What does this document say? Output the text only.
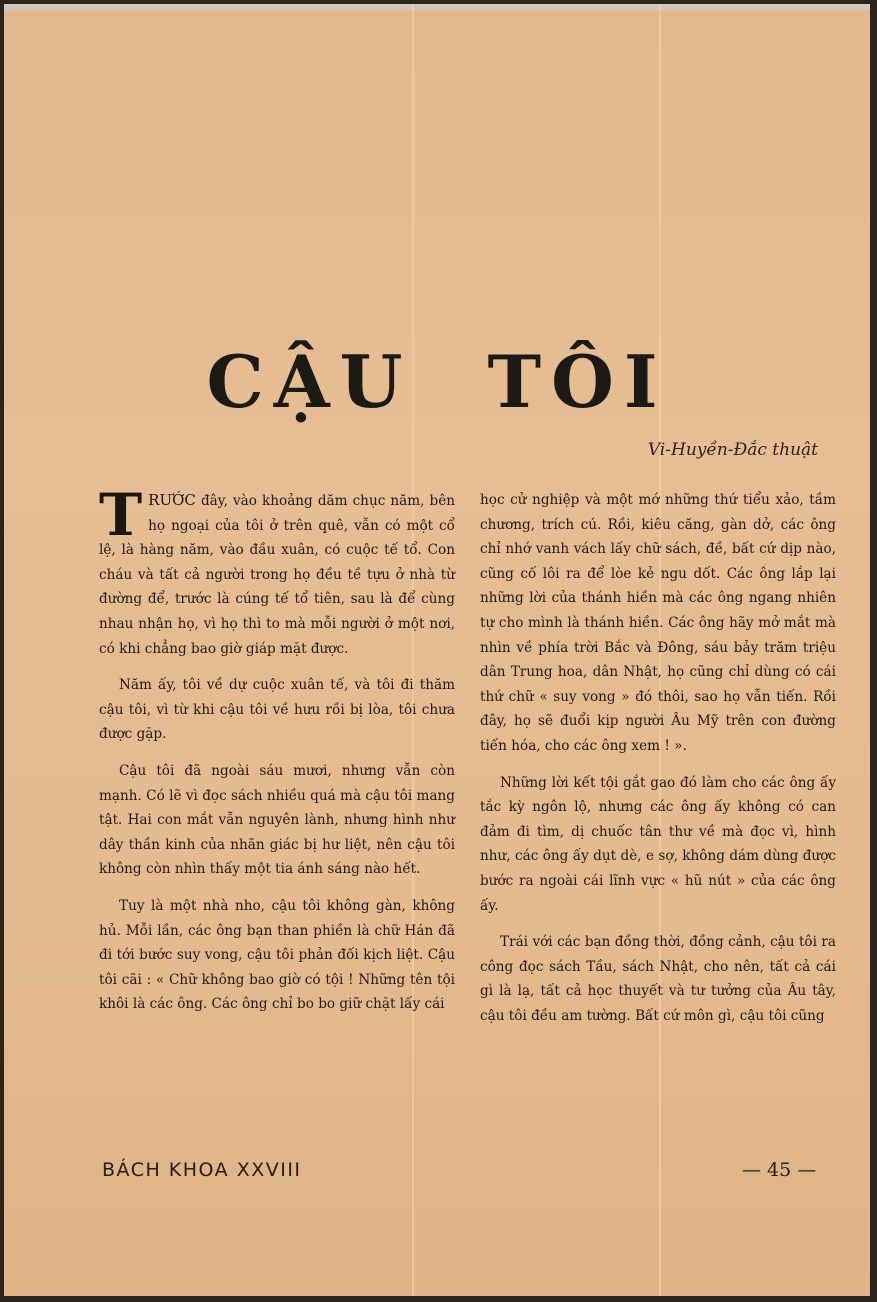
CẬU TÔI
Vi-Huyền-Đắc thuật

TRƯỚC đây, vào khoảng dăm chục năm, bên họ ngoại của tôi ở trên quê, vẫn có một cổ lệ, là hàng năm, vào đầu xuân, có cuộc tế tổ. Con cháu và tất cả người trong họ đều tề tựu ở nhà từ đường để, trước là cúng tế tổ tiên, sau là để cùng nhau nhận họ, vì họ thì to mà mỗi người ở một nơi, có khi chẳng bao giờ giáp mặt được.

Năm ấy, tôi về dự cuộc xuân tế, và tôi đi thăm cậu tôi, vì từ khi cậu tôi về hưu rồi bị lòa, tôi chưa được gặp.

Cậu tôi đã ngoài sáu mươi, nhưng vẫn còn mạnh. Có lẽ vì đọc sách nhiều quá mà cậu tôi mang tật. Hai con mắt vẫn nguyên lành, nhưng hình như dây thần kinh của nhãn giác bị hư liệt, nên cậu tôi không còn nhìn thấy một tia ánh sáng nào hết.

Tuy là một nhà nho, cậu tôi không gàn, không hủ. Mỗi lần, các ông bạn than phiền là chữ Hán đã đi tới bước suy vong, cậu tôi phản đối kịch liệt. Cậu tôi cãi : « Chữ không bao giờ có tội ! Những tên tội khôi là các ông. Các ông chỉ bo bo giữ chặt lấy cái

học cử nghiệp và một mớ những thứ tiểu xảo, tầm chương, trích cú. Rồi, kiêu căng, gàn dở, các ông chỉ nhớ vanh vách lấy chữ sách, đề, bất cứ dịp nào, cũng cố lôi ra để lòe kẻ ngu dốt. Các ông lắp lại những lời của thánh hiền mà các ông ngang nhiên tự cho mình là thánh hiền. Các ông hãy mở mắt mà nhìn về phía trời Bắc và Đông, sáu bảy trăm triệu dân Trung hoa, dân Nhật, họ cũng chỉ dùng có cái thứ chữ « suy vong » đó thôi, sao họ vẫn tiến. Rồi đây, họ sẽ đuổi kịp người Âu Mỹ trên con đường tiến hóa, cho các ông xem ! ».

Những lời kết tội gắt gao đó làm cho các ông ấy tắc kỳ ngôn lộ, nhưng các ông ấy không có can đảm đi tìm, dị chuốc tân thư về mà đọc vì, hình như, các ông ấy dụt dè, e sợ, không dám dùng được bước ra ngoài cái lĩnh vực « hũ nút » của các ông ấy.

Trái với các bạn đồng thời, đồng cảnh, cậu tôi ra công đọc sách Tầu, sách Nhật, cho nên, tất cả cái gì là lạ, tất cả học thuyết và tư tưởng của Âu tây, cậu tôi đều am tường. Bất cứ môn gì, cậu tôi cũng

BÁCH KHOA XXVIII	— 45 —
